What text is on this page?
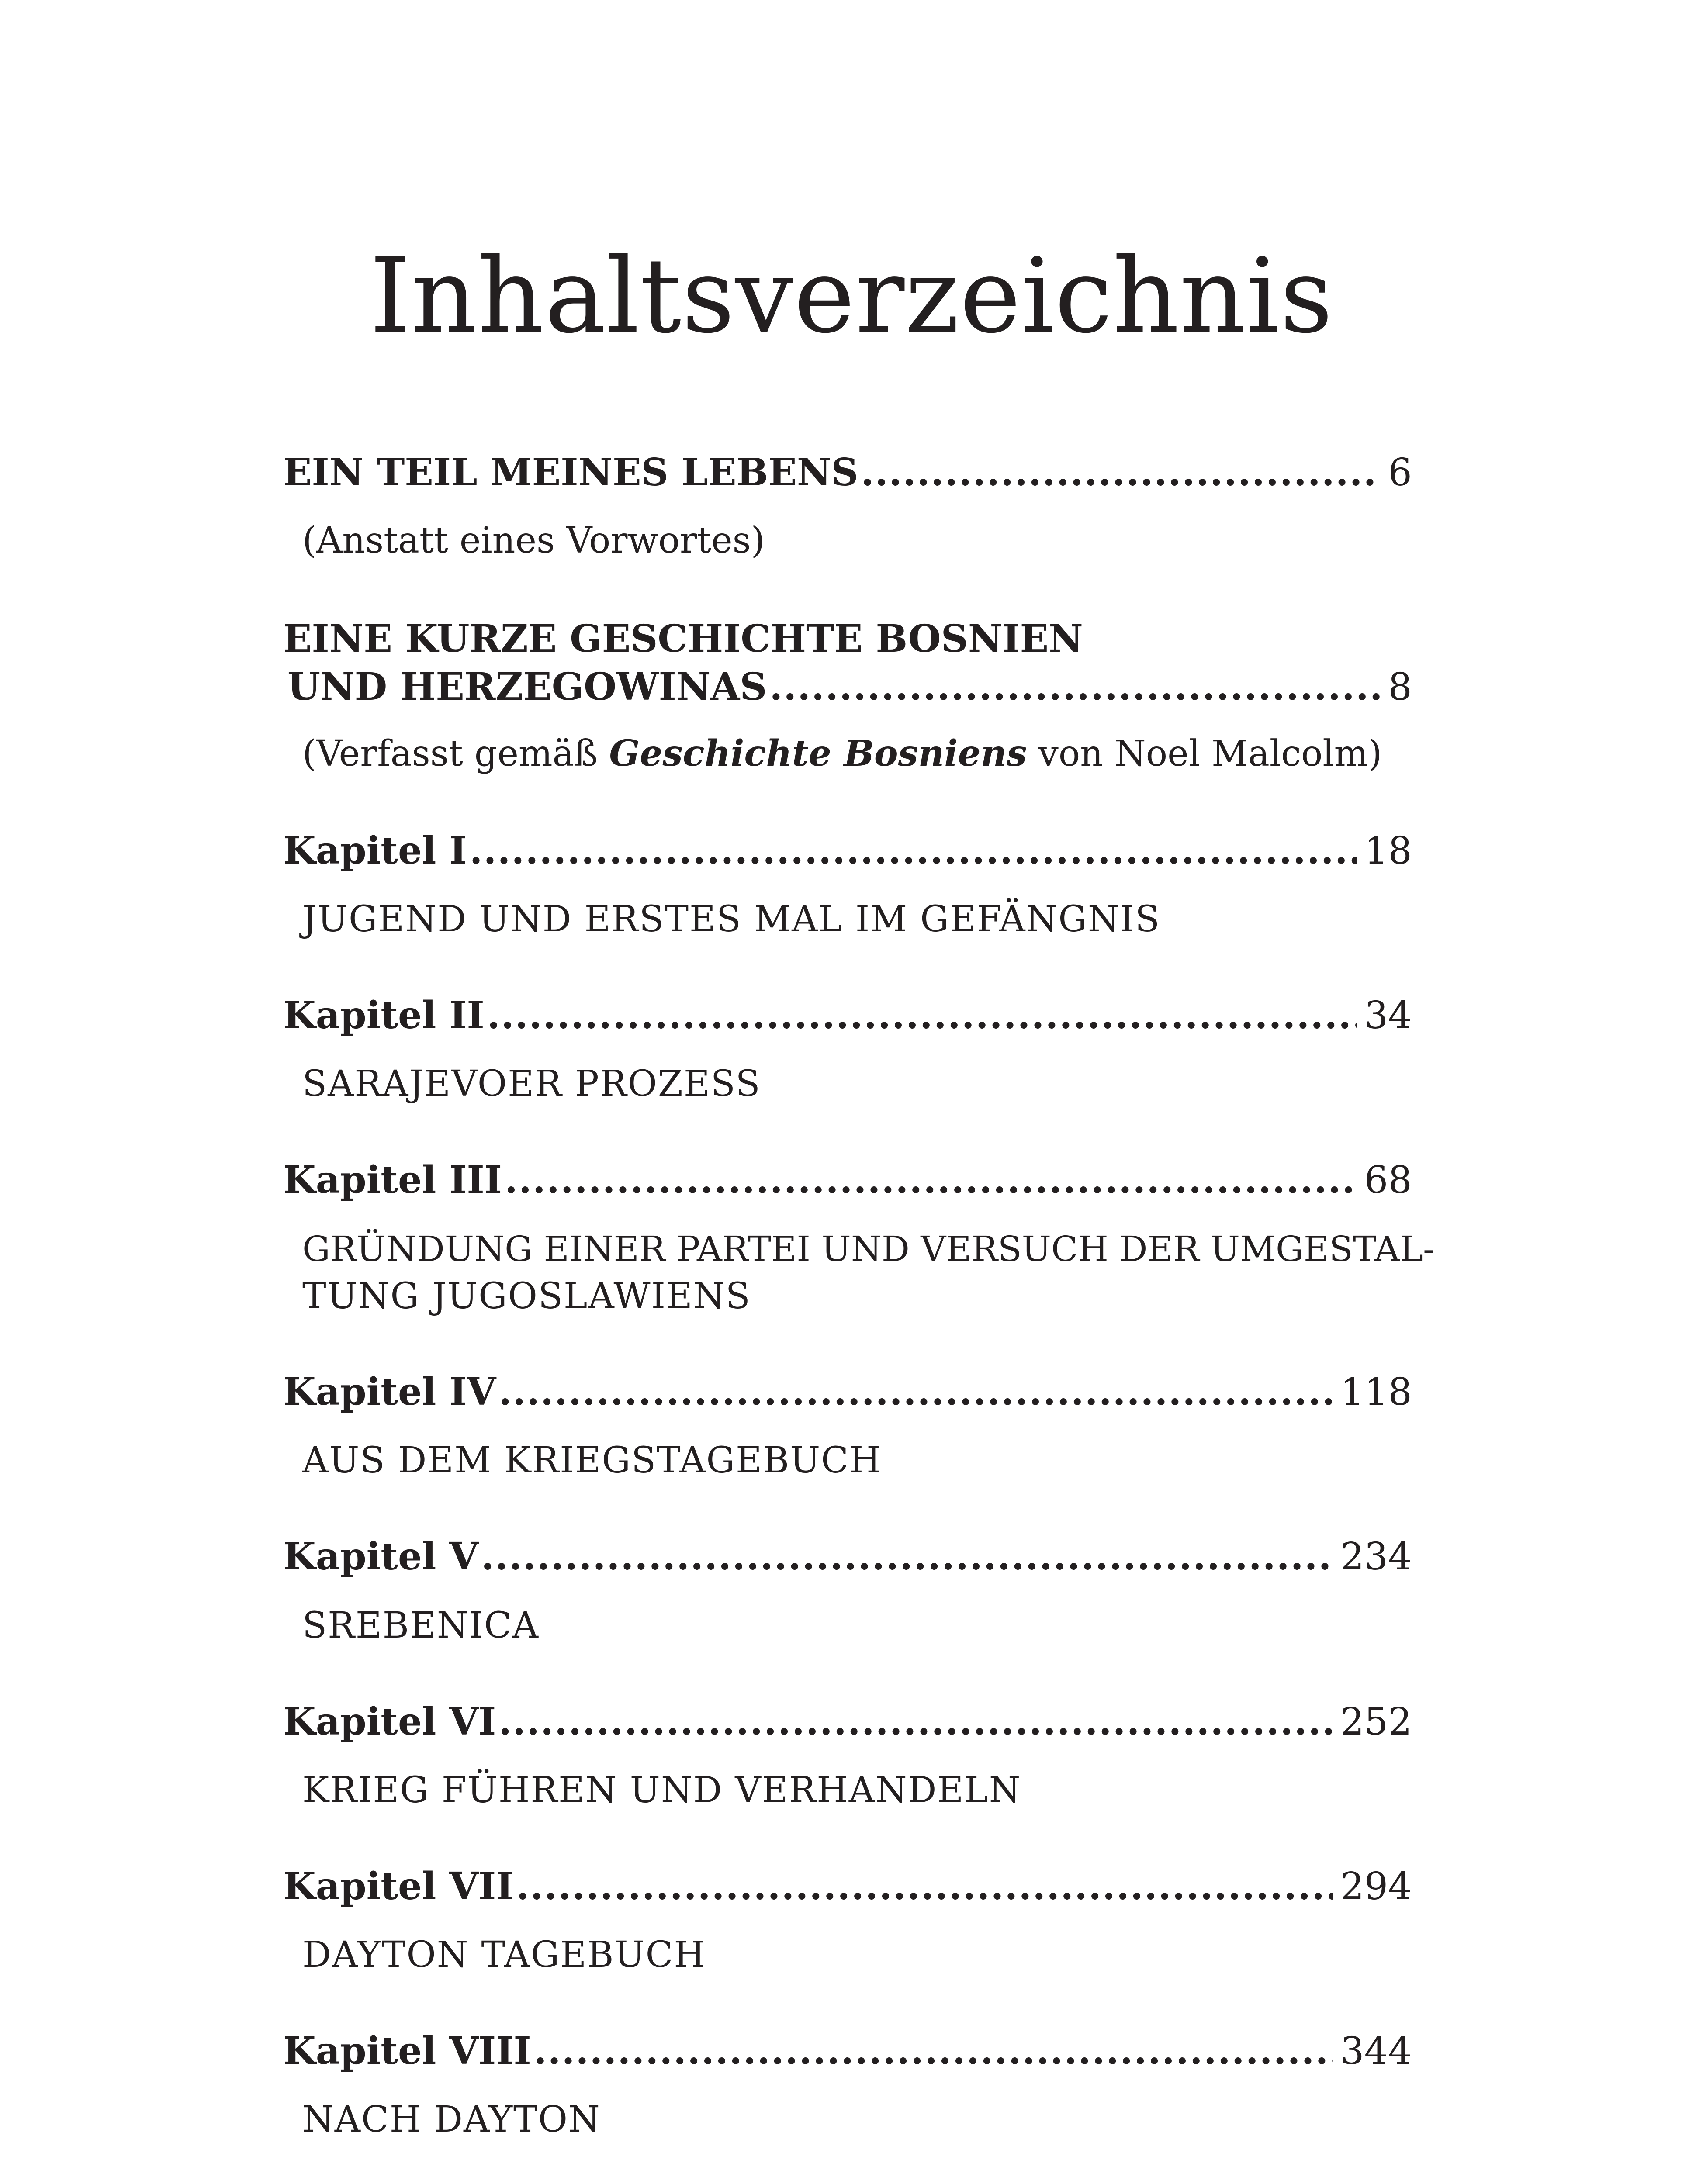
Inhaltsverzeichnis
EIN TEIL MEINES LEBENS .....	6
(Anstatt eines Vorwortes)
EINE KURZE GESCHICHTE BOSNIEN
UND HERZEGOWINAS .....	8
(Verfasst gemäß Geschichte Bosniens von Noel Malcolm)
Kapitel I .....	18
JUGEND UND ERSTES MAL IM GEFÄNGNIS
Kapitel II .....	34
SARAJEVOER PROZESS
Kapitel III .....	68
GRÜNDUNG EINER PARTEI UND VERSUCH DER UMGESTAL-
TUNG JUGOSLAWIENS
Kapitel IV .....	118
AUS DEM KRIEGSTAGEBUCH
Kapitel V .....	234
SREBENICA
Kapitel VI .....	252
KRIEG FÜHREN UND VERHANDELN
Kapitel VII .....	294
DAYTON TAGEBUCH
Kapitel VIII .....	344
NACH DAYTON
